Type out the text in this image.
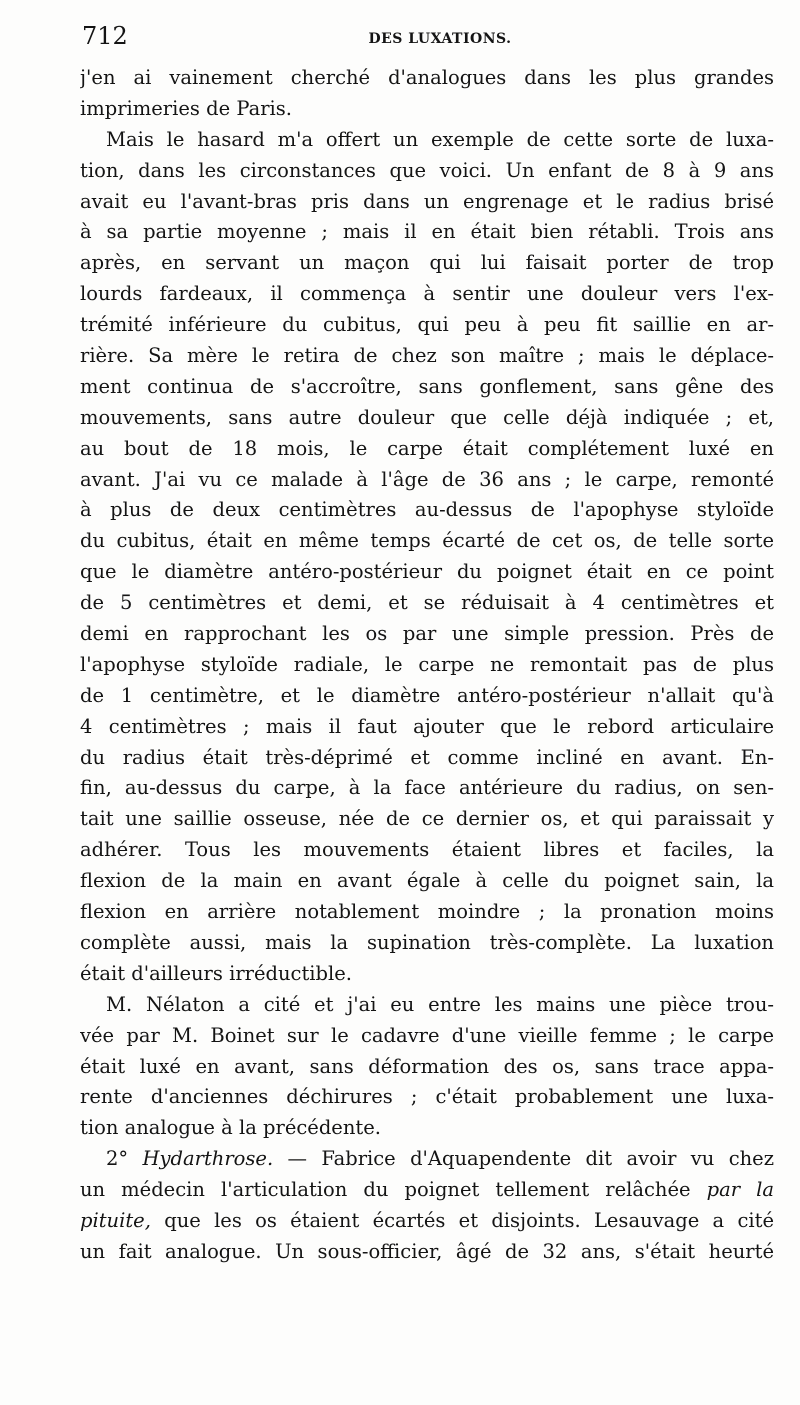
712	DES LUXATIONS.
j'en ai vainement cherché d'analogues dans les plus grandes
imprimeries de Paris.
Mais le hasard m'a offert un exemple de cette sorte de luxa-
tion, dans les circonstances que voici. Un enfant de 8 à 9 ans
avait eu l'avant-bras pris dans un engrenage et le radius brisé
à sa partie moyenne ; mais il en était bien rétabli. Trois ans
après, en servant un maçon qui lui faisait porter de trop
lourds fardeaux, il commença à sentir une douleur vers l'ex-
trémité inférieure du cubitus, qui peu à peu fit saillie en ar-
rière. Sa mère le retira de chez son maître ; mais le déplace-
ment continua de s'accroître, sans gonflement, sans gêne des
mouvements, sans autre douleur que celle déjà indiquée ; et,
au bout de 18 mois, le carpe était complétement luxé en
avant. J'ai vu ce malade à l'âge de 36 ans ; le carpe, remonté
à plus de deux centimètres au-dessus de l'apophyse styloïde
du cubitus, était en même temps écarté de cet os, de telle sorte
que le diamètre antéro-postérieur du poignet était en ce point
de 5 centimètres et demi, et se réduisait à 4 centimètres et
demi en rapprochant les os par une simple pression. Près de
l'apophyse styloïde radiale, le carpe ne remontait pas de plus
de 1 centimètre, et le diamètre antéro-postérieur n'allait qu'à
4 centimètres ; mais il faut ajouter que le rebord articulaire
du radius était très-déprimé et comme incliné en avant. En-
fin, au-dessus du carpe, à la face antérieure du radius, on sen-
tait une saillie osseuse, née de ce dernier os, et qui paraissait y
adhérer. Tous les mouvements étaient libres et faciles, la
flexion de la main en avant égale à celle du poignet sain, la
flexion en arrière notablement moindre ; la pronation moins
complète aussi, mais la supination très-complète. La luxation
était d'ailleurs irréductible.
M. Nélaton a cité et j'ai eu entre les mains une pièce trou-
vée par M. Boinet sur le cadavre d'une vieille femme ; le carpe
était luxé en avant, sans déformation des os, sans trace appa-
rente d'anciennes déchirures ; c'était probablement une luxa-
tion analogue à la précédente.
2° Hydarthrose. — Fabrice d'Aquapendente dit avoir vu chez
un médecin l'articulation du poignet tellement relâchée par la
pituite, que les os étaient écartés et disjoints. Lesauvage a cité
un fait analogue. Un sous-officier, âgé de 32 ans, s'était heurté
